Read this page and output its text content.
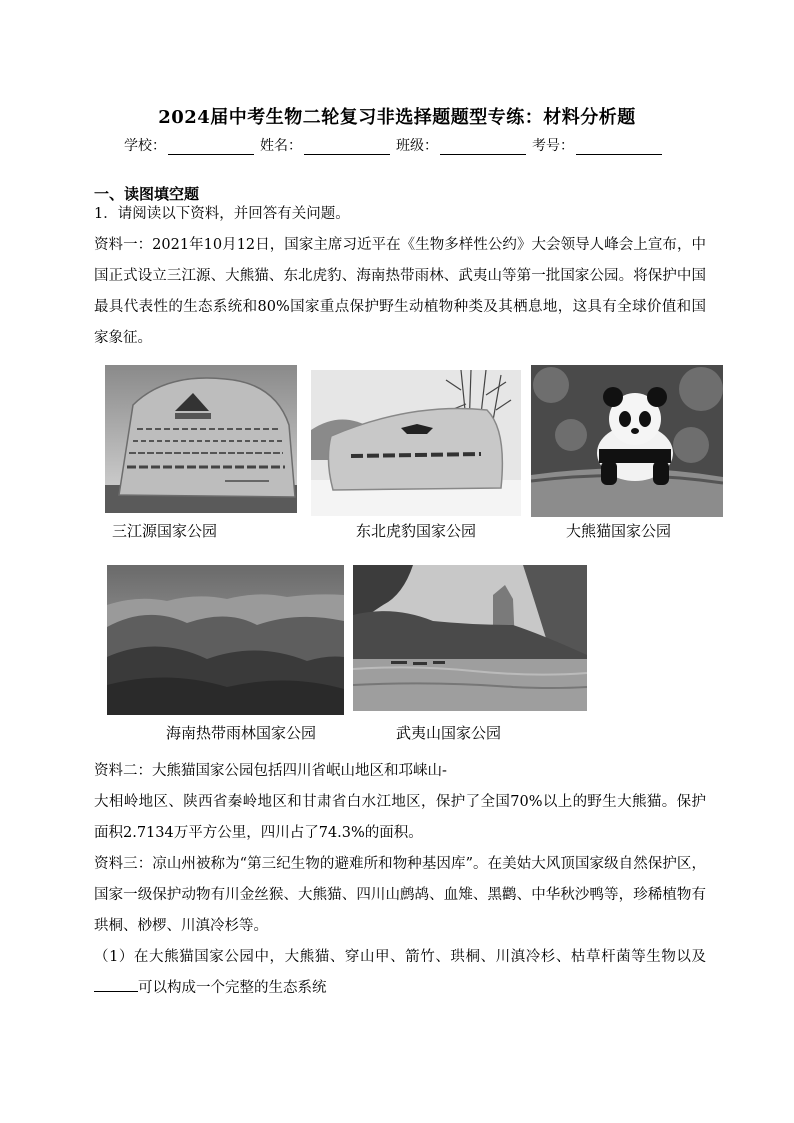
2024届中考生物二轮复习非选择题题型专练：材料分析题
学校：	姓名：	班级：	考号：
一、读图填空题
1．请阅读以下资料，并回答有关问题。
资料一：2021年10月12日，国家主席习近平在《生物多样性公约》大会领导人峰会上宣布，中国正式设立三江源、大熊猫、东北虎豹、海南热带雨林、武夷山等第一批国家公园。将保护中国最具代表性的生态系统和80%国家重点保护野生动植物种类及其栖息地，这具有全球价值和国家象征。
三江源国家公园	东北虎豹国家公园	大熊猫国家公园
海南热带雨林国家公园	武夷山国家公园
资料二：大熊猫国家公园包括四川省岷山地区和邛崃山-
大相岭地区、陕西省秦岭地区和甘肃省白水江地区，保护了全国70%以上的野生大熊猫。保护面积2.7134万平方公里，四川占了74.3%的面积。
资料三：凉山州被称为“第三纪生物的避难所和物种基因库”。在美姑大风顶国家级自然保护区，国家一级保护动物有川金丝猴、大熊猫、四川山鹧鸪、血雉、黑鹳、中华秋沙鸭等，珍稀植物有珙桐、桫椤、川滇冷杉等。
（1）在大熊猫国家公园中，大熊猫、穿山甲、箭竹、珙桐、川滇冷杉、枯草杆菌等生物以及可以构成一个完整的生态系统
